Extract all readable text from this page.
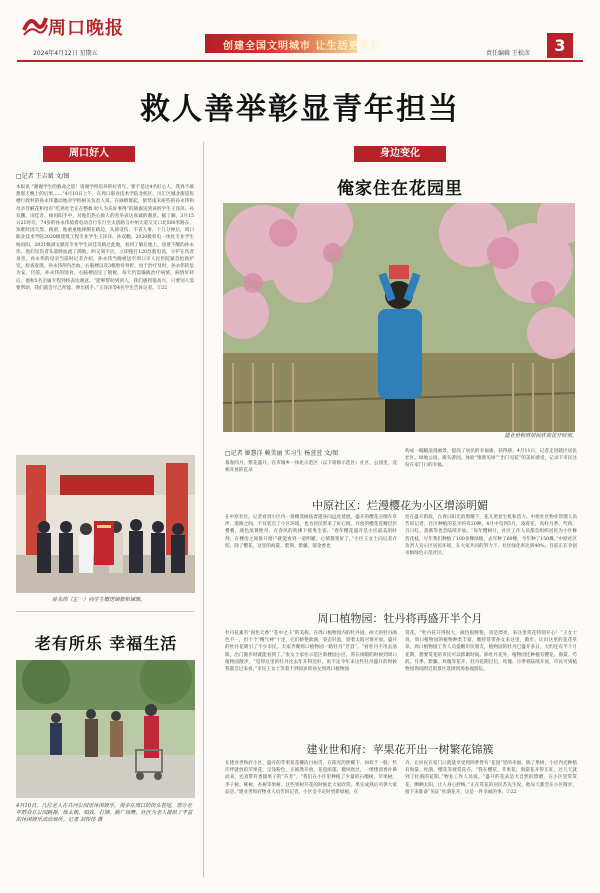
周口晚报
创建全国文明城市 让生活更美好
2024年4月12日 星期五	责任编辑 王松彦	3
救人善举彰显青年担当
周口好人
□记者 王吉斌 文/图
本报讯 “谢谢学生的救命之恩！请谢学校培养的好青年。要不是这4名好心人，我真不敢想那天晚上的后果……”4月10日上午，在周口职业技术学院北校区，川汇区城北街道焦楼行政村的孙永伟激动地对学校相关负责人说。在麻痹群起，惦势南未座些的孙永伟和母亲待解花和母有“吃鸡吐全正在整救 助人为乐好事得”的锦旗送到该校学生王泽泽、孙双鹏、田佳奇、杨再阳手中，对他们热心救人的善举表达真诚的谢意。据了解，3月15日21时许，74岁的孙永伟骑着电动自行车行至太清路与中州大道交叉口北500米路东，预难时因天黑、路滑，他重重地摔倒在路边，头部受伤，不省人事。十几分钟后，周口职业技术学院2020级建筑工程专业学生王泽泽、孙双鹏，2020级机电一体化专业学生杨再阳，2021级酒文献育专业学生田佳奇路过此地，看到了躺在地上，昏迷不醒的孙永伟。他们见伤者头部鲜血流了满地，叫又叫不应，立即拨打120急救电话，守护在伤者身旁。孙永伟的母亲当前时记者介绍，孙永伟当晚被送至周口市人民医院紧急抢救护室，检查发现，孙永伟颅内出血，右脑梗以及3根肋骨骨折，由于治疗及时，孙永伟转危为安。目前，孙永伟的饶食，右脑梗固定了钢板，每天仍需输液治疗病情，病情好转后，他和5名亲属专程到校表达谢意。“能够帮助到别人，我们感到很高兴，只要别人需要帮助，我们就会尽己所能、伸出援手。”王泽泽等4名学生告诉记者。②22
孙永伟（左一）向学生赠送锦旗和锦旗。
老有所乐 幸福生活
4月10日，几位老人在共河公园里休闲娱乐。漫步在周口的街头巷尾，部分老年群众在公园跳操、练太极、唱戏、打牌、跳广场舞，社区为老人提供了丰富的休闲娱乐活动场所。记者 刘俊伟 摄
身边变化
俺家住在花园里
建业世和府居民欣赏花开时刻。
□记者 姬慧洋 赖美丽 实习生 杨萱萱 文/图
暮春四月，繁花盛开。在市城乡一体化示范区（以下简称示范区）社区、公园里，竞相开放的花朵
构成一幅幅浪漫画景，提高了居民的幸福感、获得感。4月11日，记者走进辖区居民社区、绿地公园、街头游园，体验“推窗见绿”“出门见花”的美好感受，记录下市民这份在家门口的幸福。
中原社区：烂漫樱花为小区增添明媚
在中原社区，记者看到小区内一排棵茂树枝着遗身向远处延展，盛开的樱花点缀在草坪、遗路之间，不仅装点了小区环境，也为居民带来了好心情。开放的樱花花瓣层层叠叠，颜色浓黄艳舟，在春风的吹拂下摇曳生姿。“春年樱花盛开是小区最美的时刻，在楼房之间推开窗户就能看到一道明媚，心情都变好了。”小区王女士向记者介绍。除了樱花，这里的海棠、紫荆、紫藤、郁金香也
处在盛开阶段，在春日阳光的照耀下，花儿更显生机和活力。中原社区物业管理人员告诉记者，社区种植的花卉约有20种，4月中旬到5月，凌霄花、高杆月季、芍药、百日红、蔷薇等也会陆续开放。“每年樱树开，社区工作人员都会组织居民为小区修剪花枝，尽年我们种植了100多棵绿植，去年种了60棵，今年种了150棵。”中原社区负责人宣示区居民环境，在大家共同的努力下，社区绿化率达到40%，目前正在争创市级绿色示范社区。
周口植物园：牡丹将再盛开半个月
牡丹花素有“国色天香”“花中之王”的美称。在周口植物园内的牡丹园，硕大的牡丹颜色不一，但个个“精气神”十足，它们娇艳欲滴，姿态轻盈，迎着太阳尽情开放。盛开的牡丹花吸引了不少市民。大家齐聚周口植物园一睹牡丹“芳容”。“看牡丹不用去洛阳，出门散步时就能看到了。”张女士家住示范区新楼园小区，常在闲暇的时候到周口植物园散步，“觉得这里的牡丹比去年开得还好，说不定今年来这些牡丹盛开的时候我都会过来看。”市民王女士等着不到同岁的孙女到周口植物园
赏花。“牡丹花开得很大，颜色很鲜艳，真是漂亮，来这里赏花特别开心！”王女士说，周口植物园的植物种类丰富，她经常带孙女来这里，散步、认识这里的花花草草。周口植物园工作人员提醒市民朋友，植物园的牡丹已盛开多日，大约还有半个月花期，想要赏花的市民可以抓紧时间。除牡丹花外，植物园还种植有樱花、海棠、芍药、月季、紫藤、玫瑰等花卉，牡丹花期过后，玫瑰、月季将陆续开放，市民可到植物园询问附近的景区选择到场参观游玩。
建业世和府：苹果花开出一树繁花锦簇
在建业世和府小区，盛开的苹果花花瓣洁白如雪，在阳光的照耀下，如似于一般；些许伴就放的苹果花，呈浅粉色，正嫣然开放，花苞浓郁，微风吹过，一缕缕清香扑鼻而来，还真带有香甜果子的“芬芳”。“我们在小区里种植了少量的石榴树、苹果树、李子树、桃树、杏树等果树，这些果树开花的时候比大家欣赏，果实成熟后可供大家品尝。”建业世和府物业人员告诉记者，小区会不定时更新绿植，在
卉，让居民在家门口就能享受到四季皆有“花园”里的幸福。除了果树，小区内还种植有海棠、杜鹃、樱花等观赏花卉，“我在樱花、苹果花、海棠花开得正旺，过几天就到了杜鹃的花期。”物业工作人员说。“盛开的花朵是大自然的馈赠，在小区里赏赏花，晒晒太阳，让人身心舒畅。”正在赏花的居民苏先生说，他每天都会在小区散步，接下来准备“见证”杜鹃花开，这是一件幸福的事。②22
